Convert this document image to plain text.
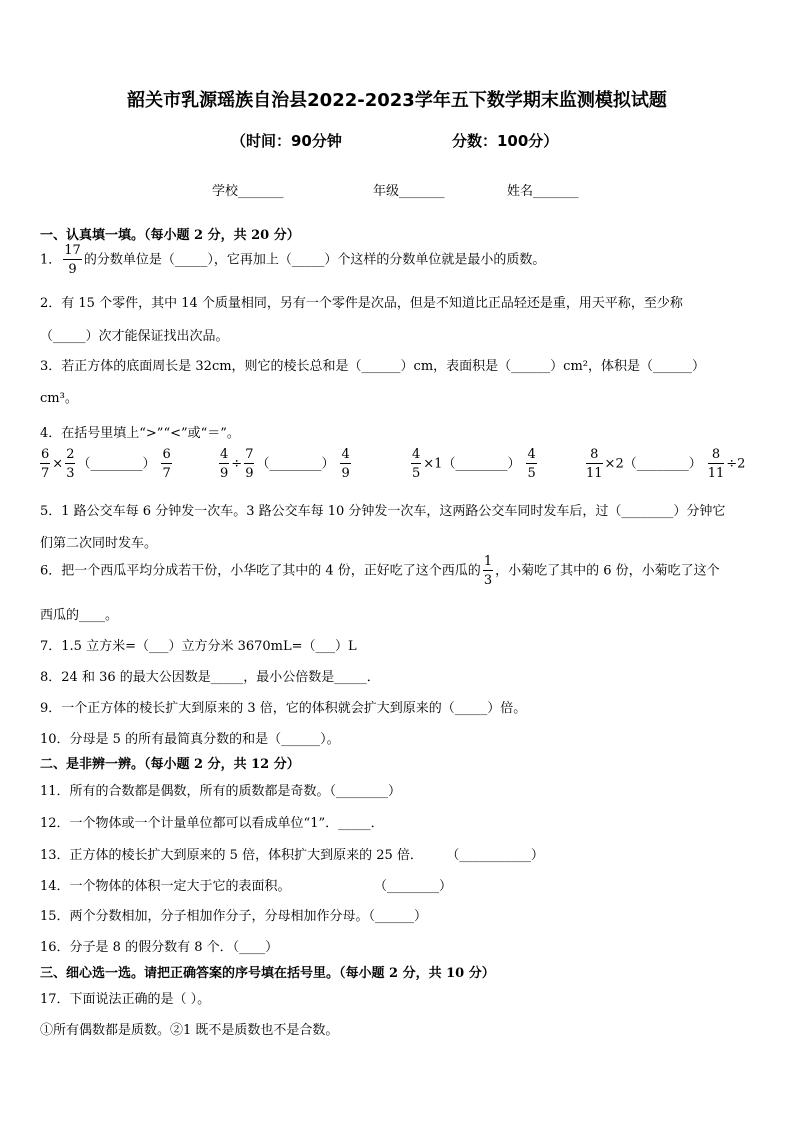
韶关市乳源瑶族自治县2022-2023学年五下数学期末监测模拟试题
（时间：90分钟	分数：100分）
学校_______	年级_______	姓名_______
一、认真填一填。（每小题 2 分，共 20 分）
1． $\frac{17}{9}$ 的分数单位是（_____），它再加上（_____）个这样的分数单位就是最小的质数。
2．有 15 个零件，其中 14 个质量相同，另有一个零件是次品，但是不知道比正品轻还是重，用天平称，至少称
（_____）次才能保证找出次品。
3．若正方体的底面周长是 32cm，则它的棱长总和是（______）cm，表面积是（______）cm²，体积是（______）
cm³。
4．在括号里填上“>”“<”或“＝”。
$\frac{6}{7} \times \frac{2}{3}$ （________） $\frac{6}{7}$	$\frac{4}{9} \div \frac{7}{9}$ （________） $\frac{4}{9}$	$\frac{4}{5}$ ×1（________） $\frac{4}{5}$	$\frac{8}{11}$ ×2（________） $\frac{8}{11} \div 2$
5．1 路公交车每 6 分钟发一次车。3 路公交车每 10 分钟发一次车，这两路公交车同时发车后，过（________）分钟它
们第二次同时发车。
6．把一个西瓜平均分成若干份，小华吃了其中的 4 份，正好吃了这个西瓜的 $\frac{1}{3}$ ，小菊吃了其中的 6 份，小菊吃了这个
西瓜的____。
7．1.5 立方米=（___）立方分米 3670mL=（___）L
8．24 和 36 的最大公因数是_____，最小公倍数是_____．
9．一个正方体的棱长扩大到原来的 3 倍，它的体积就会扩大到原来的（_____）倍。
10．分母是 5 的所有最简真分数的和是（______）。
二、是非辨一辨。（每小题 2 分，共 12 分）
11．所有的合数都是偶数，所有的质数都是奇数。（________）
12．一个物体或一个计量单位都可以看成单位“1”．_____．
13．正方体的棱长扩大到原来的 5 倍，体积扩大到原来的 25 倍． （___________）
14．一个物体的体积一定大于它的表面积。	（________）
15．两个分数相加，分子相加作分子，分母相加作分母。（______）
16．分子是 8 的假分数有 8 个．（____）
三、细心选一选。请把正确答案的序号填在括号里。（每小题 2 分，共 10 分）
17．下面说法正确的是（ ）。
①所有偶数都是质数。②1 既不是质数也不是合数。
